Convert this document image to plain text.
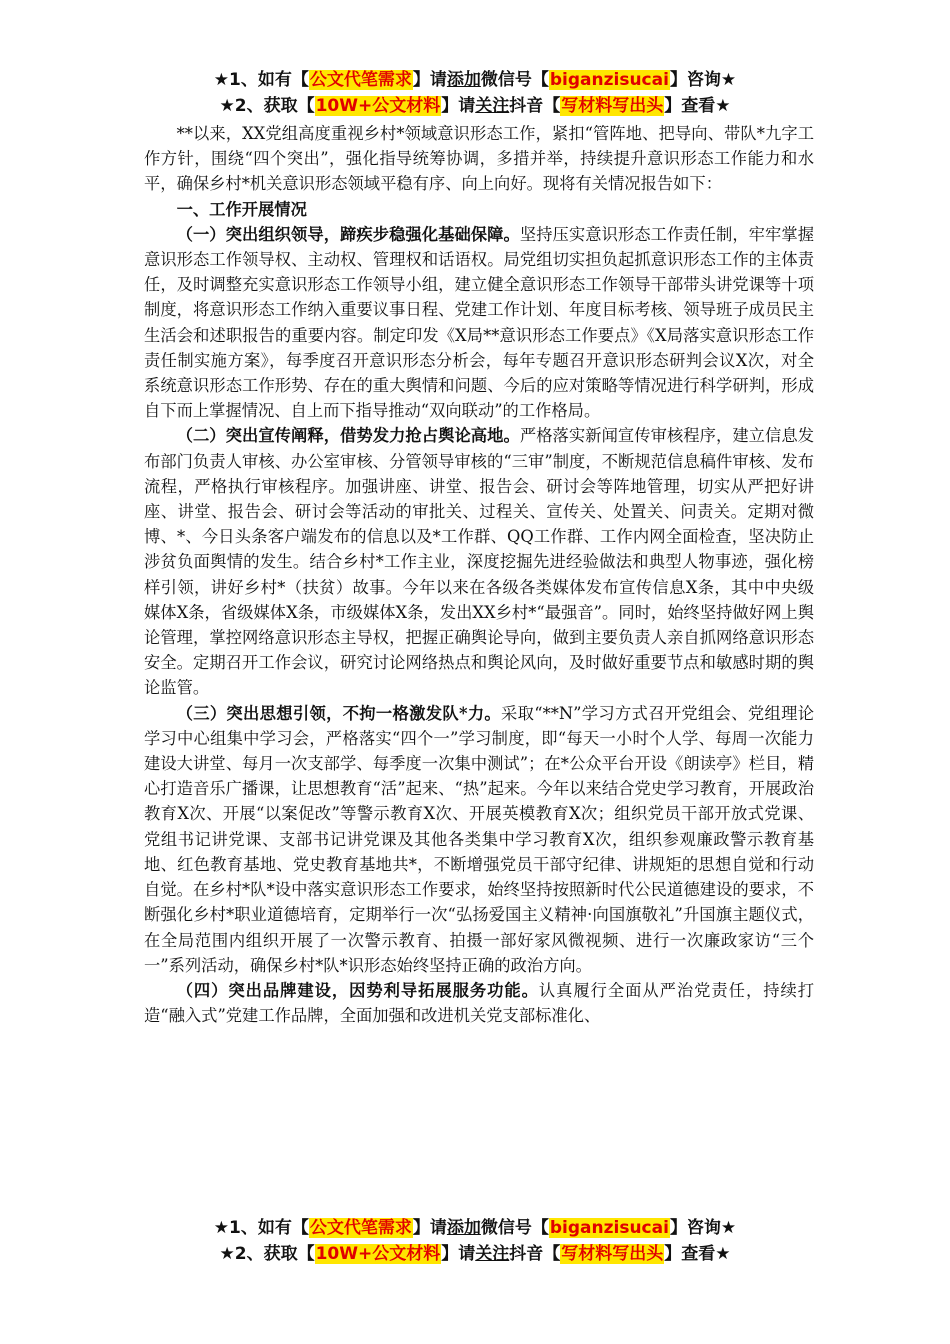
★1、如有【公文代笔需求】请添加微信号【biganzisucai】咨询★
★2、获取【10W+公文材料】请关注抖音【写材料写出头】查看★

**以来，XX党组高度重视乡村*领域意识形态工作，紧扣“管阵地、把导向、带队*九字工作方针，围绕“四个突出”，强化指导统筹协调，多措并举，持续提升意识形态工作能力和水平，确保乡村*机关意识形态领域平稳有序、向上向好。现将有关情况报告如下：

一、工作开展情况

（一）突出组织领导，蹄疾步稳强化基础保障。坚持压实意识形态工作责任制，牢牢掌握意识形态工作领导权、主动权、管理权和话语权。局党组切实担负起抓意识形态工作的主体责任，及时调整充实意识形态工作领导小组，建立健全意识形态工作领导干部带头讲党课等十项制度，将意识形态工作纳入重要议事日程、党建工作计划、年度目标考核、领导班子成员民主生活会和述职报告的重要内容。制定印发《X局**意识形态工作要点》《X局落实意识形态工作责任制实施方案》，每季度召开意识形态分析会，每年专题召开意识形态研判会议X次，对全系统意识形态工作形势、存在的重大舆情和问题、今后的应对策略等情况进行科学研判，形成自下而上掌握情况、自上而下指导推动“双向联动”的工作格局。

（二）突出宣传阐释，借势发力抢占舆论高地。严格落实新闻宣传审核程序，建立信息发布部门负责人审核、办公室审核、分管领导审核的“三审”制度，不断规范信息稿件审核、发布流程，严格执行审核程序。加强讲座、讲堂、报告会、研讨会等阵地管理，切实从严把好讲座、讲堂、报告会、研讨会等活动的审批关、过程关、宣传关、处置关、问责关。定期对微博、*、今日头条客户端发布的信息以及*工作群、QQ工作群、工作内网全面检查，坚决防止涉贫负面舆情的发生。结合乡村*工作主业，深度挖掘先进经验做法和典型人物事迹，强化榜样引领，讲好乡村*（扶贫）故事。今年以来在各级各类媒体发布宣传信息X条，其中中央级媒体X条，省级媒体X条，市级媒体X条，发出XX乡村*“最强音”。同时，始终坚持做好网上舆论管理，掌控网络意识形态主导权，把握正确舆论导向，做到主要负责人亲自抓网络意识形态安全。定期召开工作会议，研究讨论网络热点和舆论风向，及时做好重要节点和敏感时期的舆论监管。

（三）突出思想引领，不拘一格激发队*力。采取“**N”学习方式召开党组会、党组理论学习中心组集中学习会，严格落实“四个一”学习制度，即“每天一小时个人学、每周一次能力建设大讲堂、每月一次支部学、每季度一次集中测试”；在*公众平台开设《朗读亭》栏目，精心打造音乐广播课，让思想教育“活”起来、“热”起来。今年以来结合党史学习教育，开展政治教育X次、开展“以案促改”等警示教育X次、开展英模教育X次；组织党员干部开放式党课、党组书记讲党课、支部书记讲党课及其他各类集中学习教育X次，组织参观廉政警示教育基地、红色教育基地、党史教育基地共*，不断增强党员干部守纪律、讲规矩的思想自觉和行动自觉。在乡村*队*设中落实意识形态工作要求，始终坚持按照新时代公民道德建设的要求，不断强化乡村*职业道德培育，定期举行一次“弘扬爱国主义精神·向国旗敬礼”升国旗主题仪式，在全局范围内组织开展了一次警示教育、拍摄一部好家风微视频、进行一次廉政家访“三个一”系列活动，确保乡村*队*识形态始终坚持正确的政治方向。

（四）突出品牌建设，因势利导拓展服务功能。认真履行全面从严治党责任，持续打造“融入式”党建工作品牌，全面加强和改进机关党支部标准化、

★1、如有【公文代笔需求】请添加微信号【biganzisucai】咨询★
★2、获取【10W+公文材料】请关注抖音【写材料写出头】查看★
